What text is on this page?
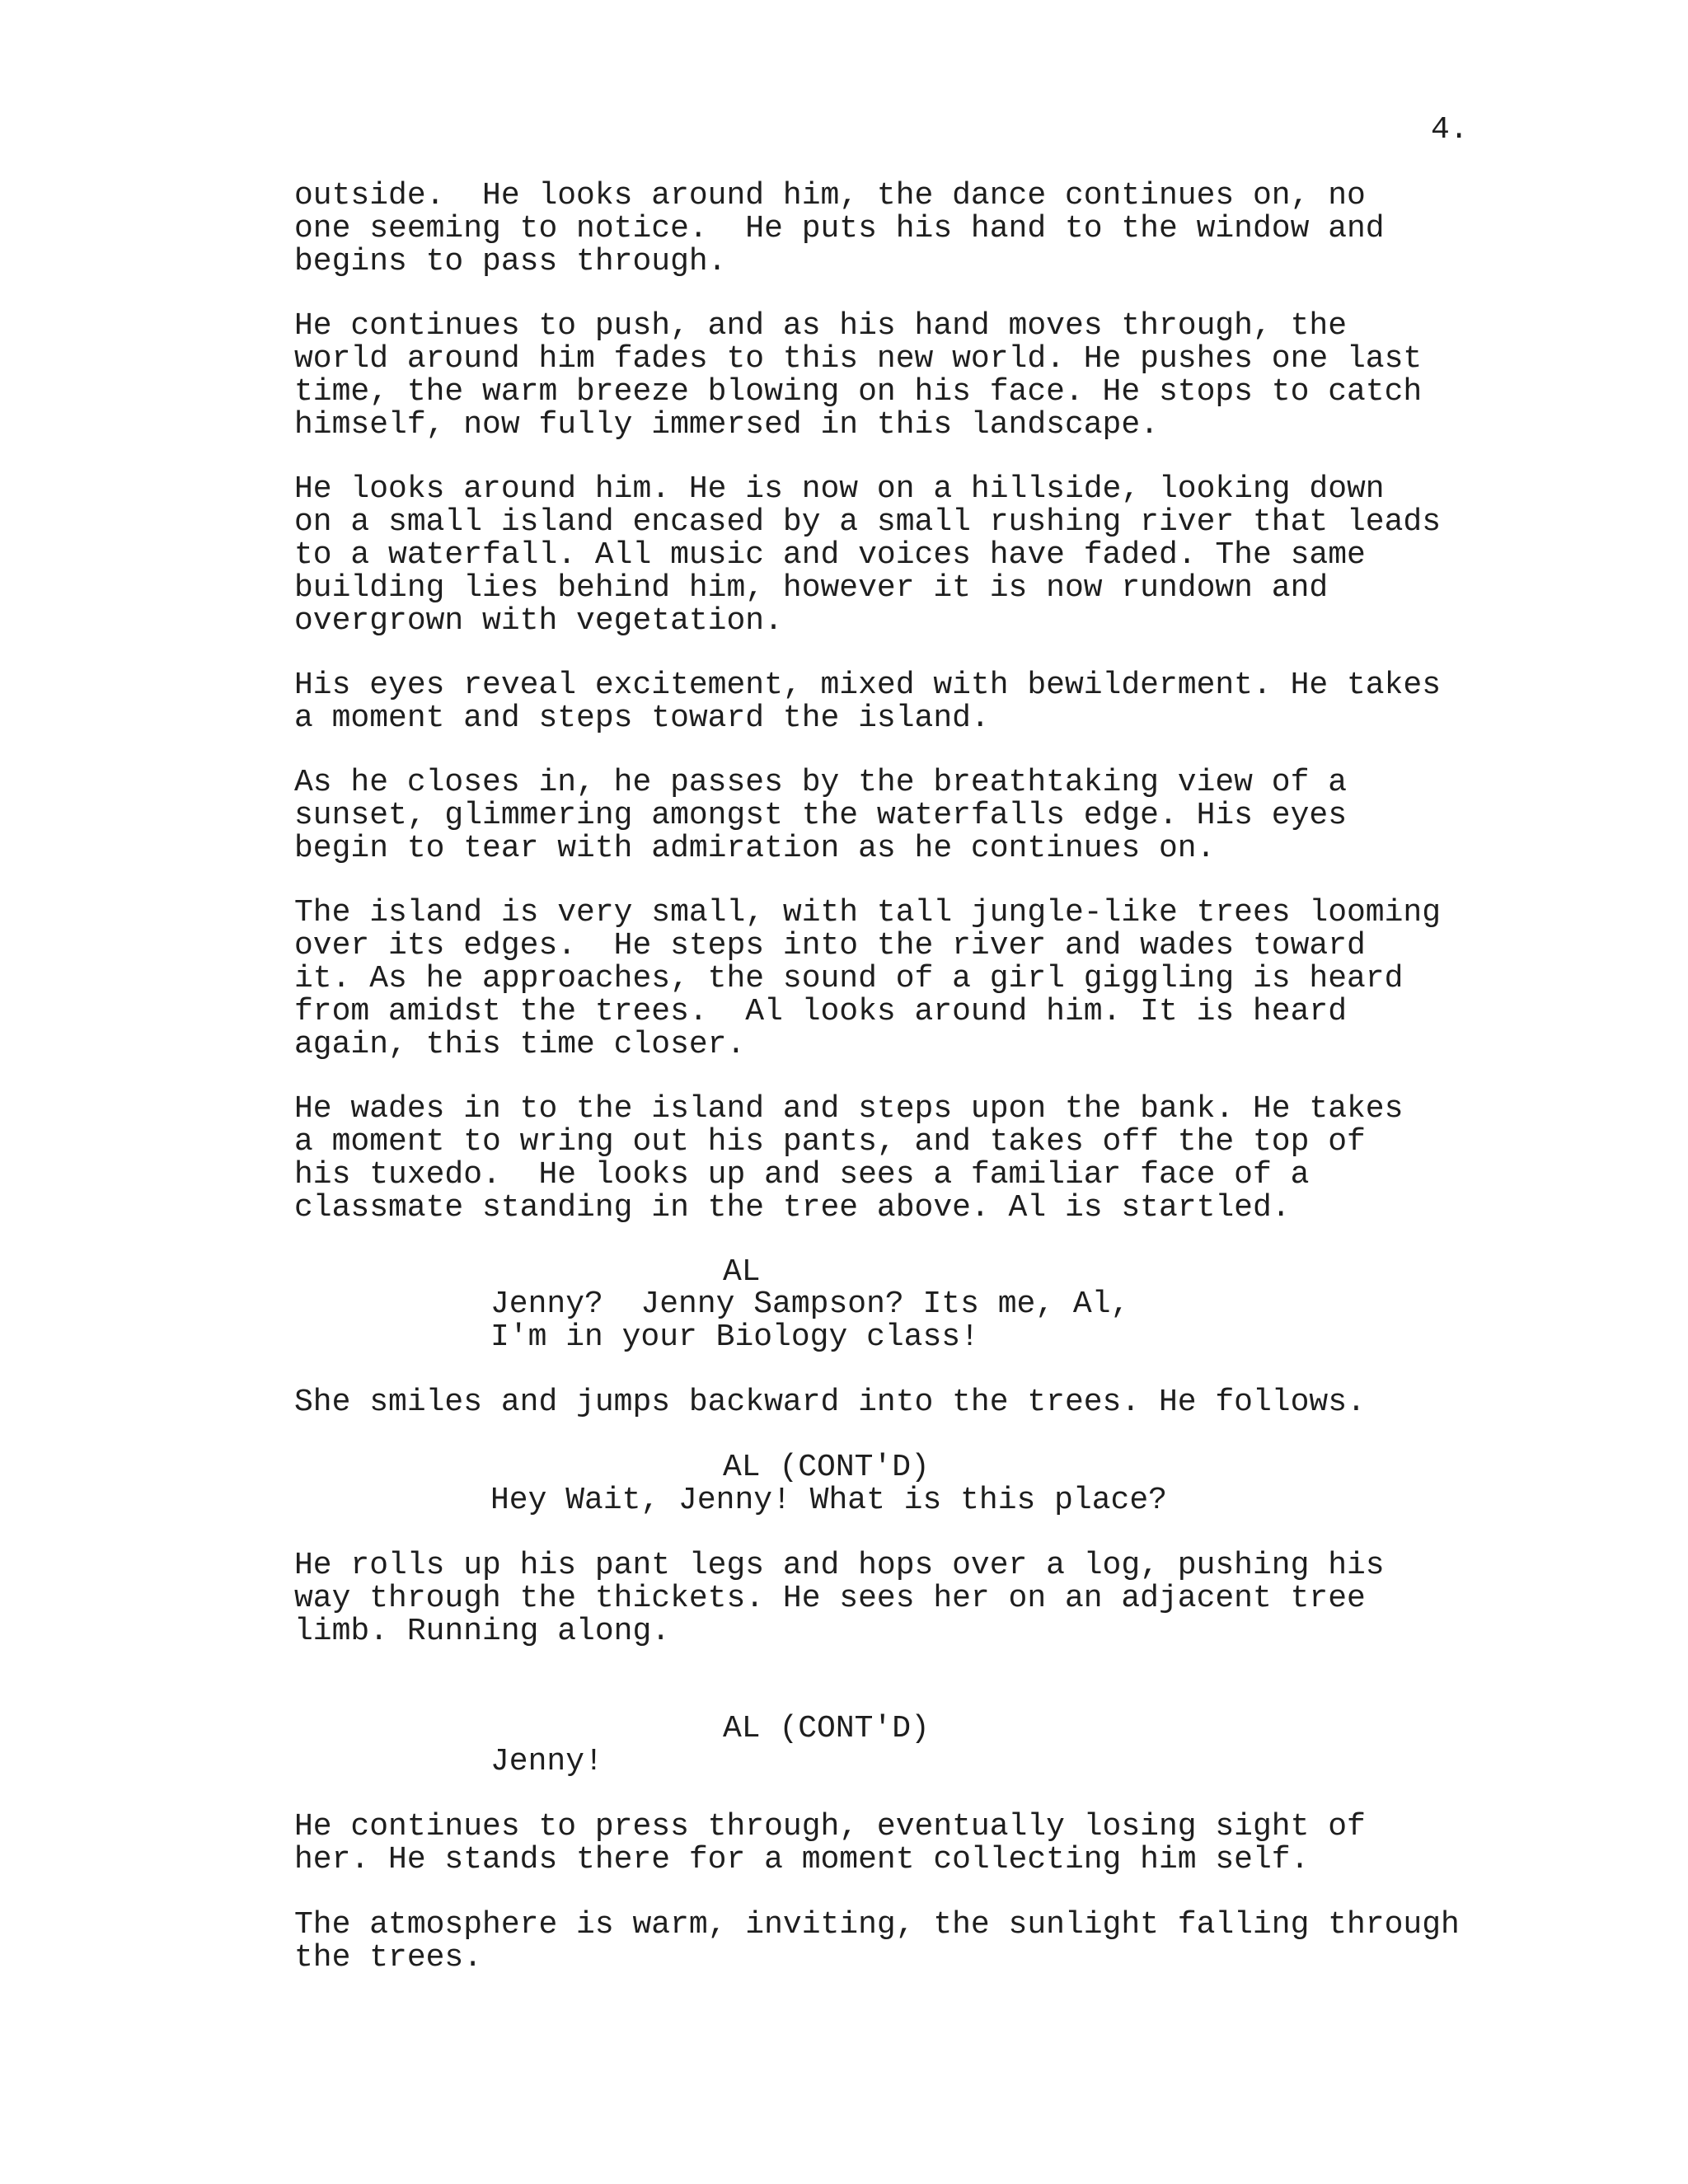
4.
outside.  He looks around him, the dance continues on, no
one seeming to notice.  He puts his hand to the window and
begins to pass through.
He continues to push, and as his hand moves through, the
world around him fades to this new world. He pushes one last
time, the warm breeze blowing on his face. He stops to catch
himself, now fully immersed in this landscape.
He looks around him. He is now on a hillside, looking down
on a small island encased by a small rushing river that leads
to a waterfall. All music and voices have faded. The same
building lies behind him, however it is now rundown and
overgrown with vegetation.
His eyes reveal excitement, mixed with bewilderment. He takes
a moment and steps toward the island.
As he closes in, he passes by the breathtaking view of a
sunset, glimmering amongst the waterfalls edge. His eyes
begin to tear with admiration as he continues on.
The island is very small, with tall jungle-like trees looming
over its edges.  He steps into the river and wades toward
it. As he approaches, the sound of a girl giggling is heard
from amidst the trees.  Al looks around him. It is heard
again, this time closer.
He wades in to the island and steps upon the bank. He takes
a moment to wring out his pants, and takes off the top of
his tuxedo.  He looks up and sees a familiar face of a
classmate standing in the tree above. Al is startled.
AL
Jenny?  Jenny Sampson? Its me, Al,
I'm in your Biology class!
She smiles and jumps backward into the trees. He follows.
AL (CONT'D)
Hey Wait, Jenny! What is this place?
He rolls up his pant legs and hops over a log, pushing his
way through the thickets. He sees her on an adjacent tree
limb. Running along.
AL (CONT'D)
Jenny!
He continues to press through, eventually losing sight of
her. He stands there for a moment collecting him self.
The atmosphere is warm, inviting, the sunlight falling through
the trees.
